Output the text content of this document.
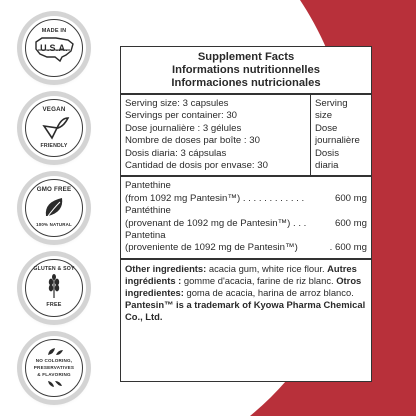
MADE IN
U.S.A.
VEGAN
FRIENDLY
GMO FREE
100% NATURAL
GLUTEN & SOY
FREE
NO COLORING,
PRESERVATIVES
& FLAVORING
Supplement Facts
Informations nutritionnelles
Informaciones nutricionales
Serving size: 3 capsules
Servings per container: 30
Dose journalière : 3 gélules
Nombre de doses par boîte : 30
Dosis diaria: 3 cápsulas
Cantidad de dosis por envase: 30
Serving
size
Dose
journalière
Dosis
diaria
Pantethine
(from 1092 mg Pantesin™) . . . . . . . . . . . .	600 mg
Pantéthine
(provenant de 1092 mg de Pantesin™) . . .	600 mg
Pantetina
(proveniente de 1092 mg de Pantesin™)	. 600 mg
Other ingredients: acacia gum, white rice flour. Autres ingrédients : gomme d'acacia, farine de riz blanc. Otros ingredientes: goma de acacia, harina de arroz blanco. Pantesin™ is a trademark of Kyowa Pharma Chemical Co., Ltd.
